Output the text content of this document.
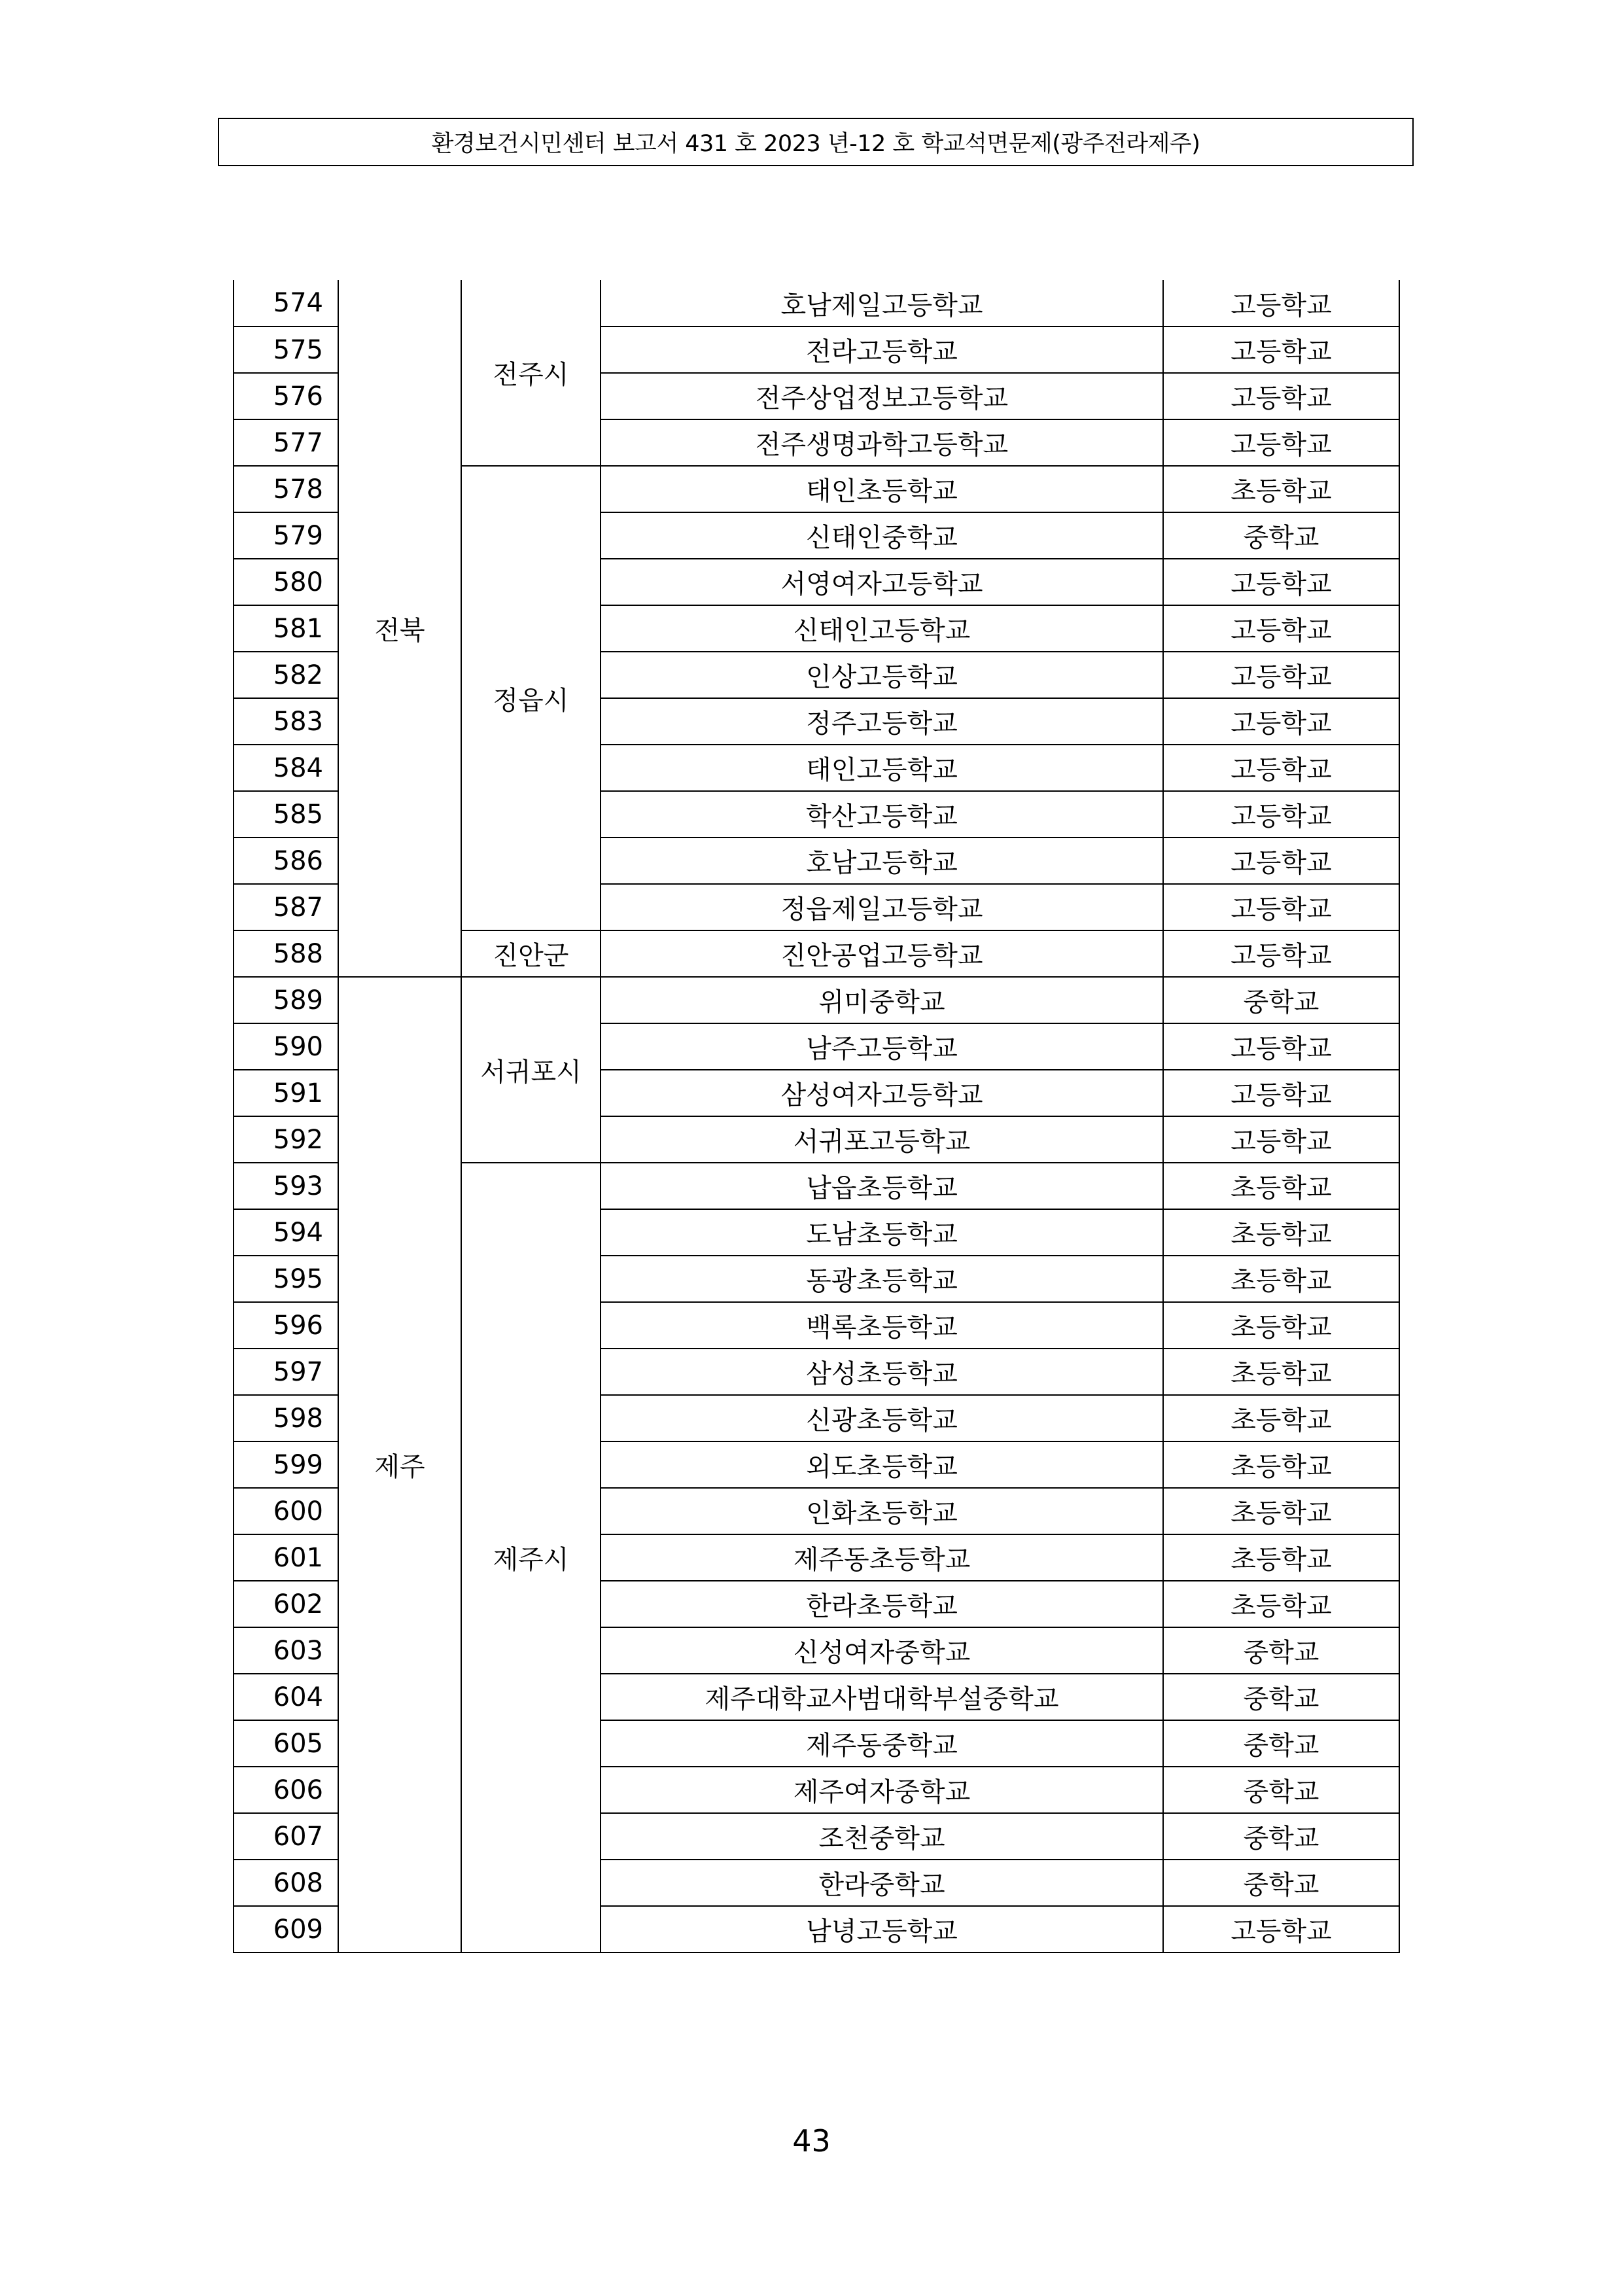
환경보건시민센터 보고서 431 호 2023 년-12 호 학교석면문제(광주전라제주)
574	전북	전주시	호남제일고등학교	고등학교
575			전라고등학교	고등학교
576			전주상업정보고등학교	고등학교
577			전주생명과학고등학교	고등학교
578		정읍시	태인초등학교	초등학교
579			신태인중학교	중학교
580			서영여자고등학교	고등학교
581			신태인고등학교	고등학교
582			인상고등학교	고등학교
583			정주고등학교	고등학교
584			태인고등학교	고등학교
585			학산고등학교	고등학교
586			호남고등학교	고등학교
587			정읍제일고등학교	고등학교
588		진안군	진안공업고등학교	고등학교
589	제주	서귀포시	위미중학교	중학교
590			남주고등학교	고등학교
591			삼성여자고등학교	고등학교
592			서귀포고등학교	고등학교
593		제주시	납읍초등학교	초등학교
594			도남초등학교	초등학교
595			동광초등학교	초등학교
596			백록초등학교	초등학교
597			삼성초등학교	초등학교
598			신광초등학교	초등학교
599			외도초등학교	초등학교
600			인화초등학교	초등학교
601			제주동초등학교	초등학교
602			한라초등학교	초등학교
603			신성여자중학교	중학교
604			제주대학교사범대학부설중학교	중학교
605			제주동중학교	중학교
606			제주여자중학교	중학교
607			조천중학교	중학교
608			한라중학교	중학교
609			남녕고등학교	고등학교
43
